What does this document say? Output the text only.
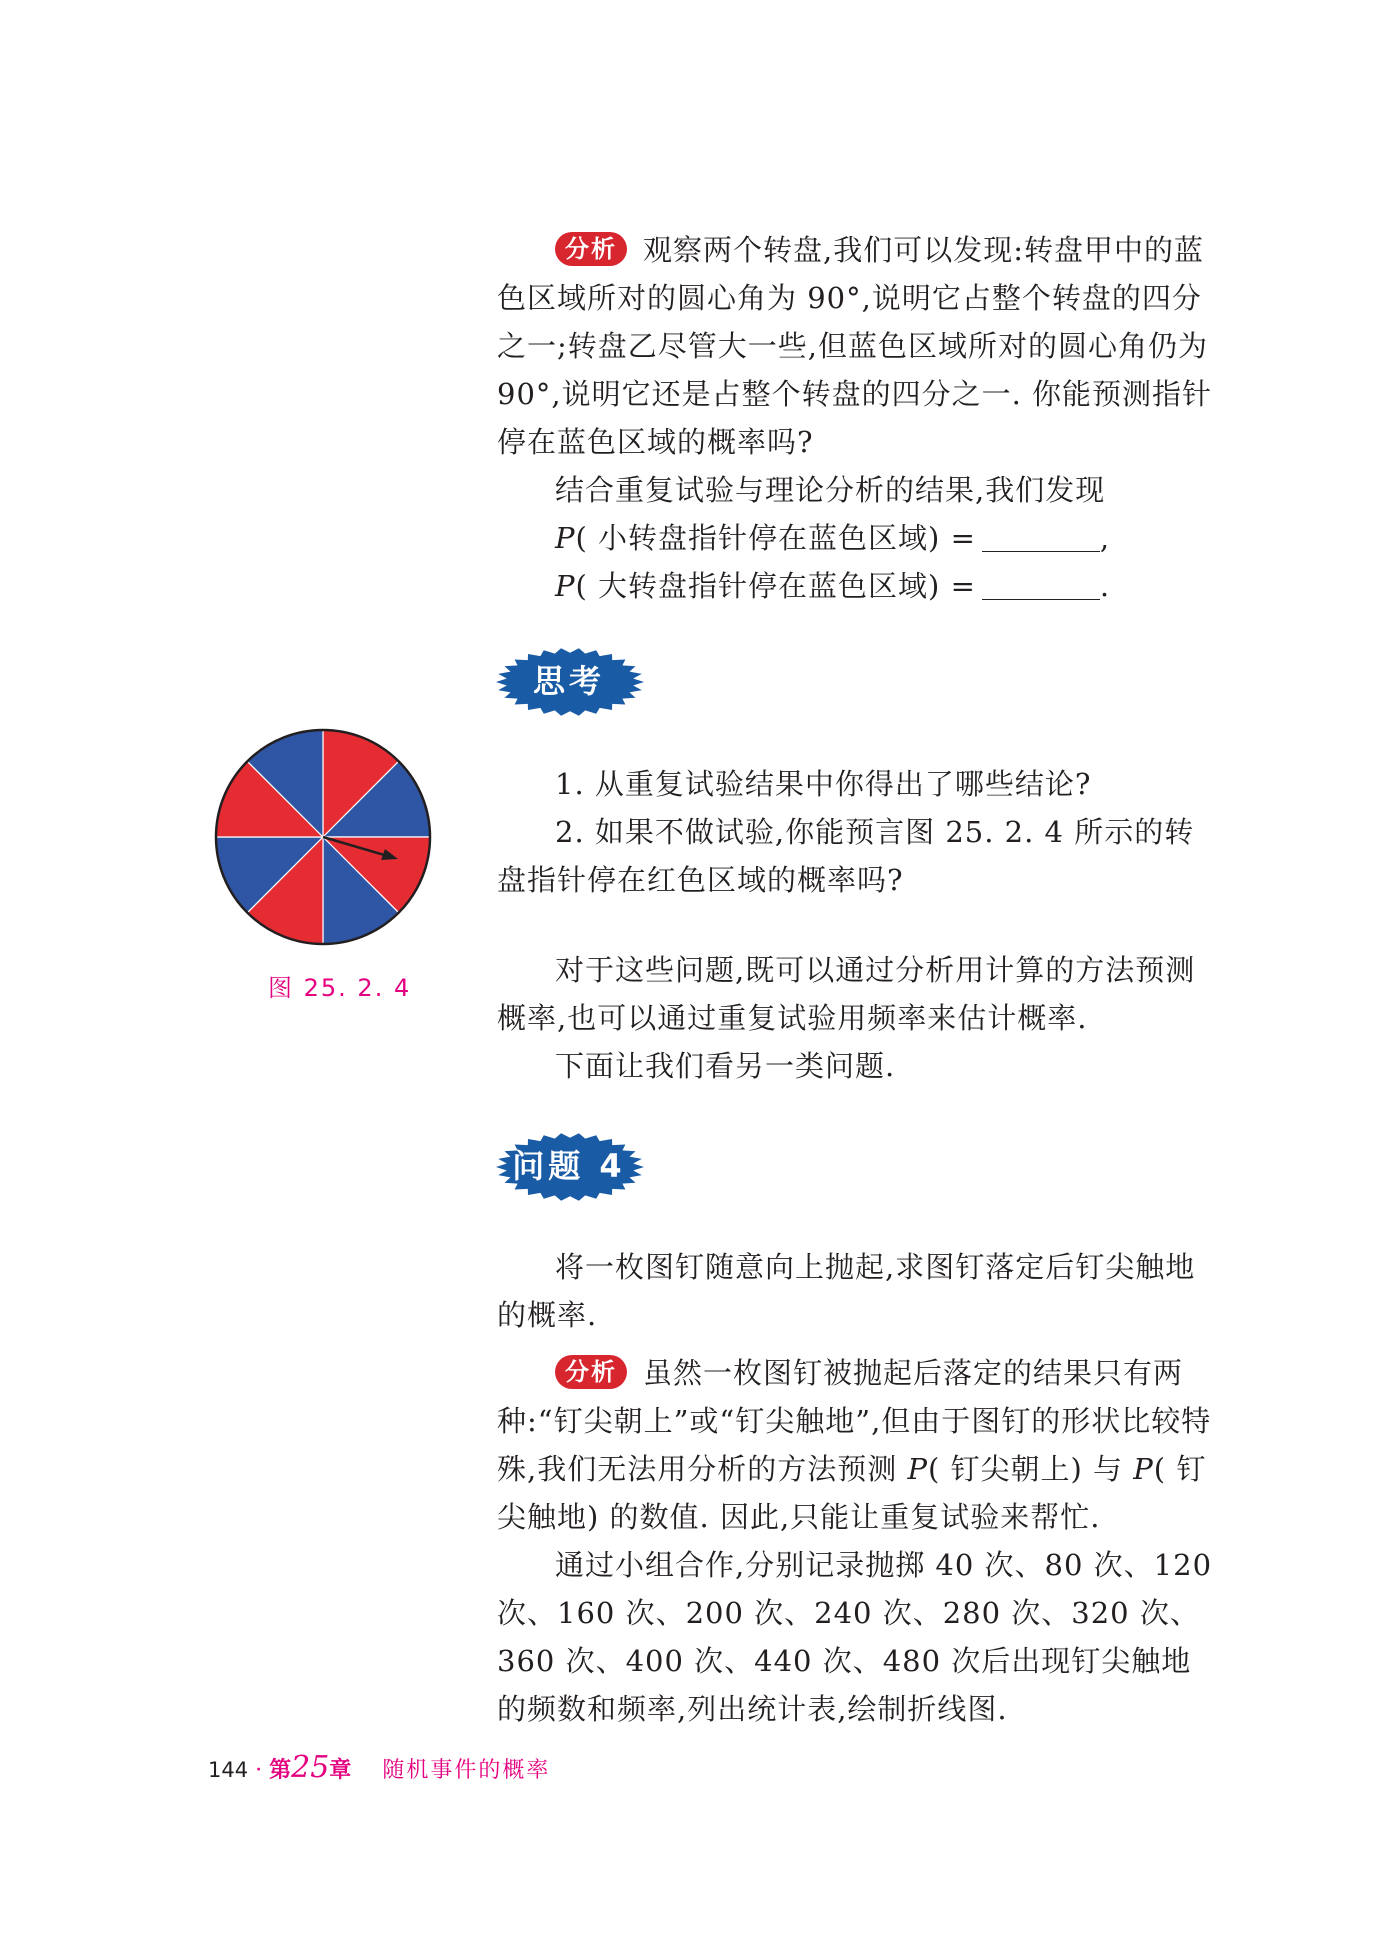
分析 观察两个转盘,我们可以发现:转盘甲中的蓝色区域所对的圆心角为 90°,说明它占整个转盘的四分之一;转盘乙尽管大一些,但蓝色区域所对的圆心角仍为 90°,说明它还是占整个转盘的四分之一. 你能预测指针停在蓝色区域的概率吗?

结合重复试验与理论分析的结果,我们发现

P( 小转盘指针停在蓝色区域) =	,

P( 大转盘指针停在蓝色区域) =	.

思考

1. 从重复试验结果中你得出了哪些结论?

2. 如果不做试验,你能预言图 25. 2. 4 所示的转盘指针停在红色区域的概率吗?

图 25. 2. 4

对于这些问题,既可以通过分析用计算的方法预测概率,也可以通过重复试验用频率来估计概率.

下面让我们看另一类问题.

问题 4

将一枚图钉随意向上抛起,求图钉落定后钉尖触地的概率.

分析 虽然一枚图钉被抛起后落定的结果只有两种:“钉尖朝上”或“钉尖触地”,但由于图钉的形状比较特殊,我们无法用分析的方法预测 P( 钉尖朝上) 与 P( 钉尖触地) 的数值. 因此,只能让重复试验来帮忙.

通过小组合作,分别记录抛掷 40 次、80 次、120 次、160 次、200 次、240 次、280 次、320 次、360 次、400 次、440 次、480 次后出现钉尖触地的频数和频率,列出统计表,绘制折线图.

144 · 第25章 随机事件的概率
